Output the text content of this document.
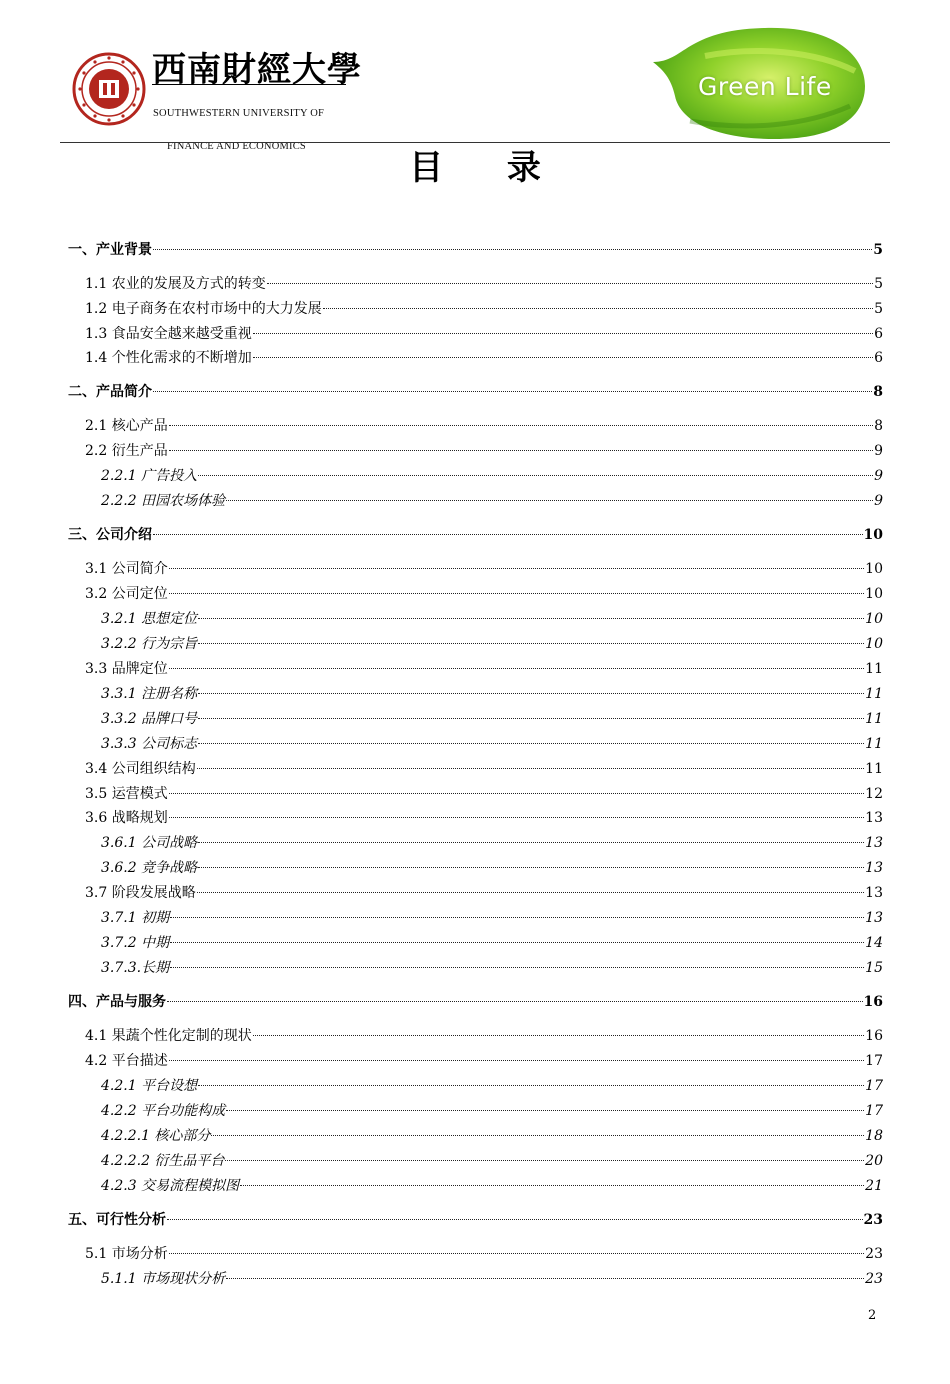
西南財經大學

SOUTHWESTERN UNIVERSITY OF

FINANCE AND ECONOMICS

Green Life
目 录
一、产业背景	5
1.1 农业的发展及方式的转变	5
1.2 电子商务在农村市场中的大力发展	5
1.3 食品安全越来越受重视	6
1.4 个性化需求的不断增加	6
二、产品简介	8
2.1 核心产品	8
2.2 衍生产品	9
2.2.1 广告投入	9
2.2.2 田园农场体验	9
三、公司介绍	10
3.1 公司简介	10
3.2 公司定位	10
3.2.1 思想定位	10
3.2.2 行为宗旨	10
3.3 品牌定位	11
3.3.1 注册名称	11
3.3.2 品牌口号	11
3.3.3 公司标志	11
3.4 公司组织结构	11
3.5 运营模式	12
3.6 战略规划	13
3.6.1 公司战略	13
3.6.2 竞争战略	13
3.7 阶段发展战略	13
3.7.1 初期	13
3.7.2 中期	14
3.7.3.长期	15
四、产品与服务	16
4.1 果蔬个性化定制的现状	16
4.2 平台描述	17
4.2.1 平台设想	17
4.2.2 平台功能构成	17
4.2.2.1 核心部分	18
4.2.2.2 衍生品平台	20
4.2.3 交易流程模拟图	21
五、可行性分析	23
5.1 市场分析	23
5.1.1 市场现状分析	23
2
